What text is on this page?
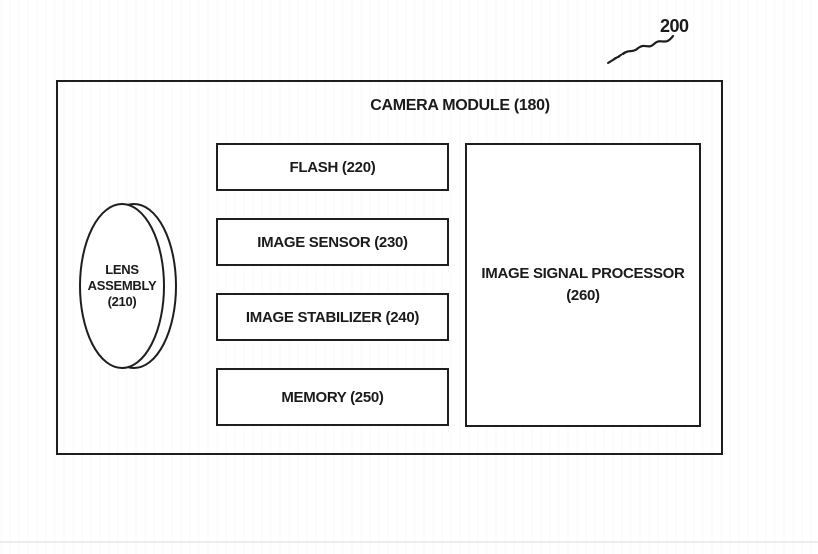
200
CAMERA MODULE (180)
LENS
ASSEMBLY
(210)
FLASH (220)
IMAGE SENSOR (230)
IMAGE STABILIZER (240)
MEMORY (250)
IMAGE SIGNAL PROCESSOR
(260)
